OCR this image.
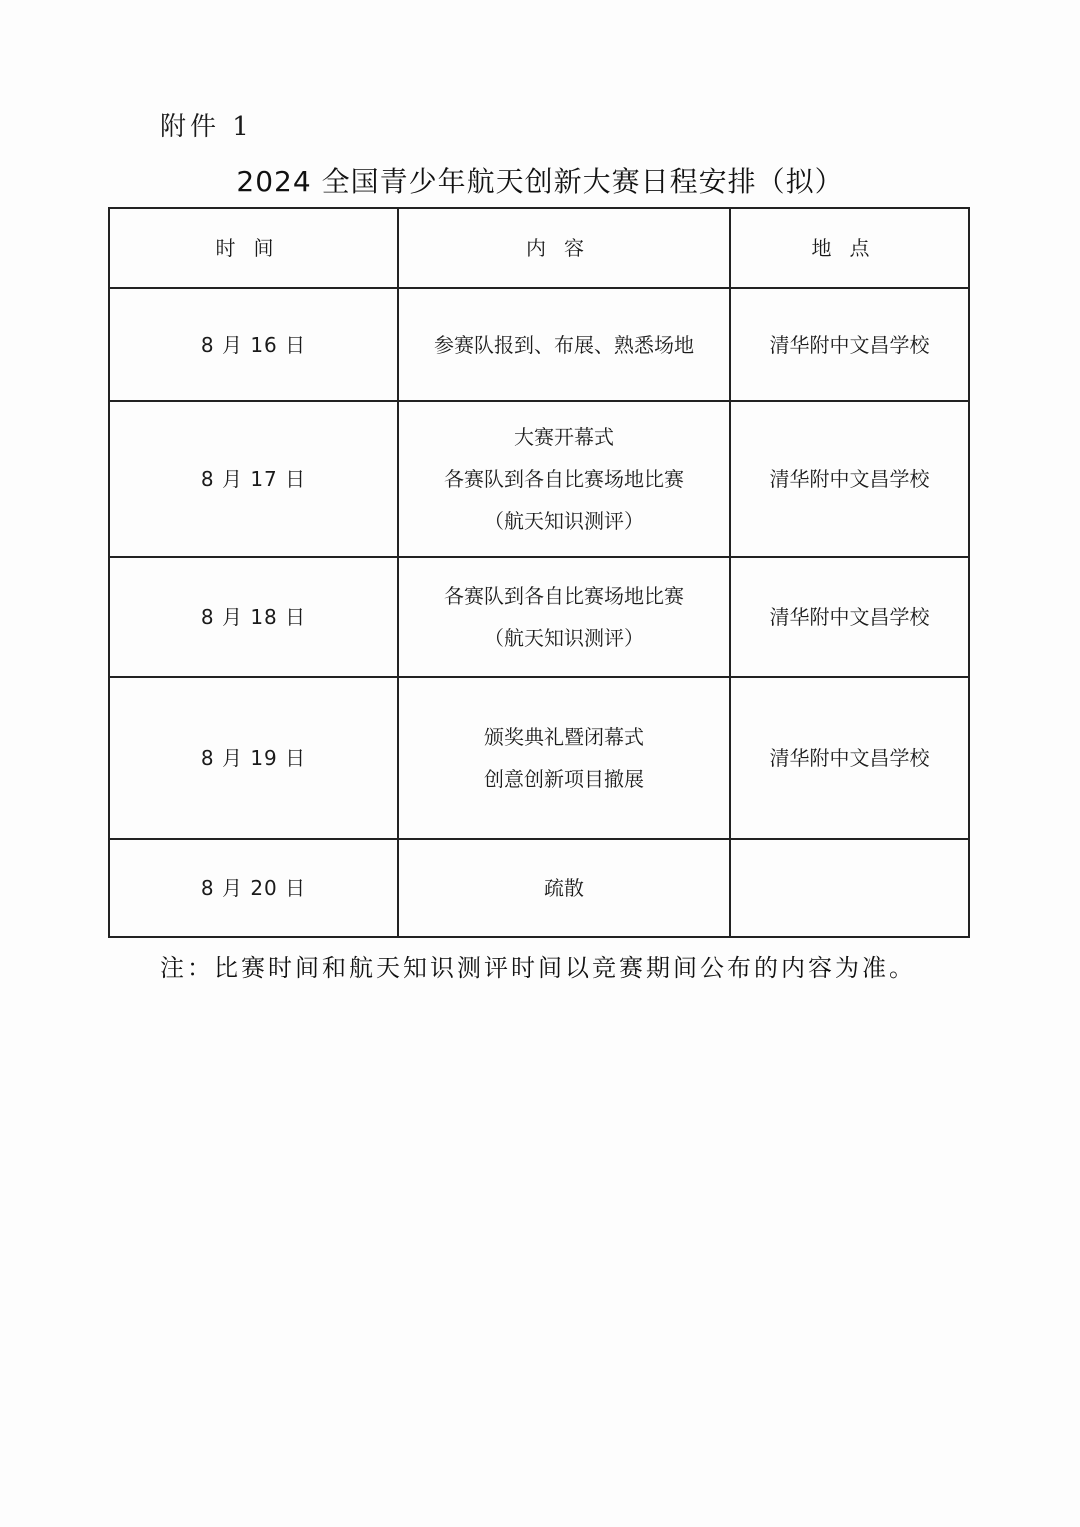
附件 1
2024 全国青少年航天创新大赛日程安排（拟）
时间	内容	地点
8 月 16 日	参赛队报到、布展、熟悉场地	清华附中文昌学校
8 月 17 日	大赛开幕式
各赛队到各自比赛场地比赛
（航天知识测评）	清华附中文昌学校
8 月 18 日	各赛队到各自比赛场地比赛
（航天知识测评）	清华附中文昌学校
8 月 19 日	颁奖典礼暨闭幕式
创意创新项目撤展	清华附中文昌学校
8 月 20 日	疏散	

注：比赛时间和航天知识测评时间以竞赛期间公布的内容为准。
